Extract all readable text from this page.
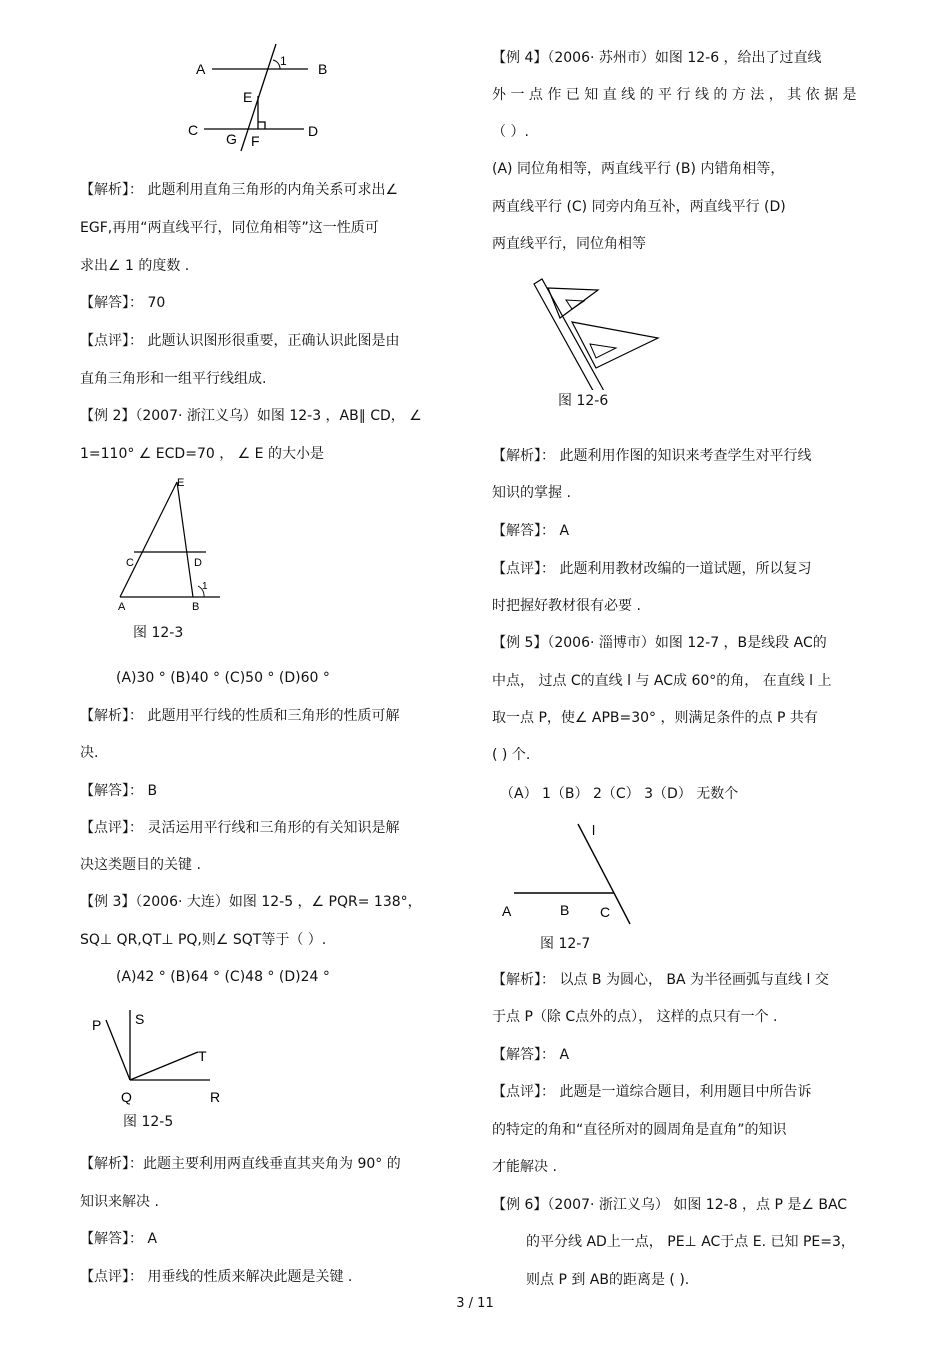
A	B
1
E
C	D
G F
【解析】： 此题利用直角三角形的内角关系可求出∠
EGF,再用“两直线平行，同位角相等”这一性质可
求出∠ 1 的度数 .
【解答】： 70
【点评】： 此题认识图形很重要，正确认识此图是由
直角三角形和一组平行线组成.
【例 2】（2007· 浙江义乌）如图 12-3 ，AB∥ CD， ∠
1=110° ∠ ECD=70 ， ∠ E 的大小是
E
C	D
A	B
1
图 12-3
(A)30 ° (B)40 ° (C)50 ° (D)60 °
【解析】： 此题用平行线的性质和三角形的性质可解
决.
【解答】： B
【点评】： 灵活运用平行线和三角形的有关知识是解
决这类题目的关键 .
【例 3】（2006· 大连）如图 12-5 ，∠ PQR= 138°，
SQ⊥ QR,QT⊥ PQ,则∠ SQT等于（ ）.
(A)42 ° (B)64 ° (C)48 ° (D)24 °
P S
T
Q	R
图 12-5
【解析】：此题主要利用两直线垂直其夹角为 90° 的
知识来解决 .
【解答】： A
【点评】： 用垂线的性质来解决此题是关键 .
【例 4】（2006· 苏州市）如图 12-6 ，给出了过直线
外 一 点 作 已 知 直 线 的 平 行 线 的 方 法 ， 其 依 据 是
（ ）.
(A) 同位角相等，两直线平行 (B) 内错角相等，
两直线平行 (C) 同旁内角互补，两直线平行 (D)
两直线平行，同位角相等
图 12-6
【解析】： 此题利用作图的知识来考查学生对平行线
知识的掌握 .
【解答】： A
【点评】： 此题利用教材改编的一道试题，所以复习
时把握好教材很有必要 .
【例 5】（2006· 淄博市）如图 12-7 ，B是线段 AC的
中点， 过点 C的直线 l 与 AC成 60°的角， 在直线 l 上
取一点 P，使∠ APB=30° ，则满足条件的点 P 共有
( ) 个.
（A） 1（B） 2（C） 3（D） 无数个
l
A	B C
图 12-7
【解析】： 以点 B 为圆心， BA 为半径画弧与直线 l 交
于点 P（除 C点外的点）， 这样的点只有一个 .
【解答】： A
【点评】： 此题是一道综合题目，利用题目中所告诉
的特定的角和“直径所对的圆周角是直角”的知识
才能解决 .
【例 6】（2007· 浙江义乌） 如图 12-8 ，点 P 是∠ BAC
的平分线 AD上一点， PE⊥ AC于点 E. 已知 PE=3，
则点 P 到 AB的距离是 ( ).
3 / 11
